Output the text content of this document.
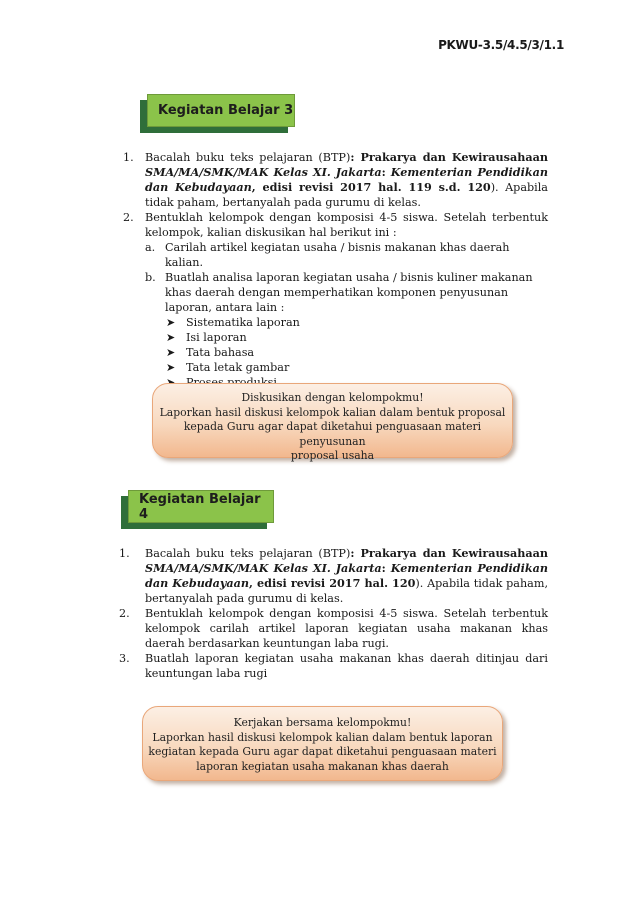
PKWU-3.5/4.5/3/1.1
Kegiatan Belajar 3
1. Bacalah buku teks pelajaran (BTP): Prakarya dan Kewirausahaan SMA/MA/SMK/MAK Kelas XI. Jakarta: Kementerian Pendidikan dan Kebudayaan, edisi revisi 2017 hal. 119 s.d. 120). Apabila tidak paham, bertanyalah pada gurumu di kelas.
2. Bentuklah kelompok dengan komposisi 4-5 siswa. Setelah terbentuk kelompok, kalian diskusikan hal berikut ini :
a. Carilah artikel kegiatan usaha / bisnis makanan khas daerah kalian.
b. Buatlah analisa laporan kegiatan usaha / bisnis kuliner makanan khas daerah dengan memperhatikan komponen penyusunan laporan, antara lain :
➤ Sistematika laporan
➤ Isi laporan
➤ Tata bahasa
➤ Tata letak gambar
Diskusikan dengan kelompokmu!
Laporkan hasil diskusi kelompok kalian dalam bentuk proposal
kepada Guru agar dapat diketahui penguasaan materi penyusunan
proposal usaha
Kegiatan Belajar 4
1. Bacalah buku teks pelajaran (BTP): Prakarya dan Kewirausahaan SMA/MA/SMK/MAK Kelas XI. Jakarta: Kementerian Pendidikan dan Kebudayaan, edisi revisi 2017 hal. 120). Apabila tidak paham, bertanyalah pada gurumu di kelas.
2. Bentuklah kelompok dengan komposisi 4-5 siswa. Setelah terbentuk kelompok carilah artikel laporan kegiatan usaha makanan khas daerah berdasarkan keuntungan laba rugi.
3. Buatlah laporan kegiatan usaha makanan khas daerah ditinjau dari keuntungan laba rugi
Kerjakan bersama kelompokmu!
Laporkan hasil diskusi kelompok kalian dalam bentuk laporan
kegiatan kepada Guru agar dapat diketahui penguasaan materi
laporan kegiatan usaha makanan khas daerah
